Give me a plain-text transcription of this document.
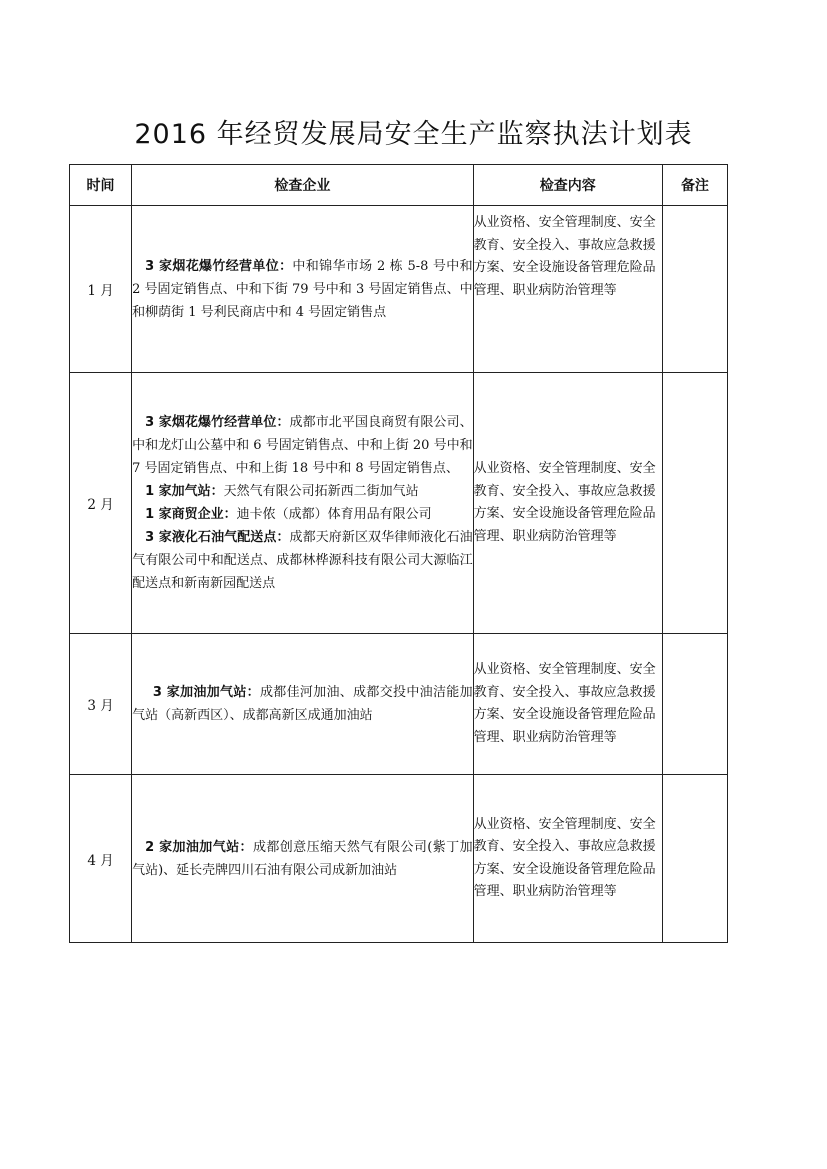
2016 年经贸发展局安全生产监察执法计划表
时间	检查企业	检查内容	备注
1 月	3 家烟花爆竹经营单位：中和锦华市场 2 栋 5-8 号中和 2 号固定销售点、中和下街 79 号中和 3 号固定销售点、中和柳荫街 1 号利民商店中和 4 号固定销售点	从业资格、安全管理制度、安全教育、安全投入、事故应急救援方案、安全设施设备管理危险品管理、职业病防治管理等	
2 月	3 家烟花爆竹经营单位：成都市北平国良商贸有限公司、中和龙灯山公墓中和 6 号固定销售点、中和上街 20 号中和 7 号固定销售点、中和上街 18 号中和 8 号固定销售点、
1 家加气站：天然气有限公司拓新西二街加气站
1 家商贸企业：迪卡侬（成都）体育用品有限公司
3 家液化石油气配送点：成都天府新区双华律师液化石油气有限公司中和配送点、成都林桦源科技有限公司大源临江配送点和新南新园配送点	从业资格、安全管理制度、安全教育、安全投入、事故应急救援方案、安全设施设备管理危险品管理、职业病防治管理等	
3 月	3 家加油加气站：成都佳河加油、成都交投中油洁能加气站（高新西区）、成都高新区成通加油站	从业资格、安全管理制度、安全教育、安全投入、事故应急救援方案、安全设施设备管理危险品管理、职业病防治管理等	
4 月	2 家加油加气站：成都创意压缩天然气有限公司(紫丁加气站)、延长壳牌四川石油有限公司成新加油站	从业资格、安全管理制度、安全教育、安全投入、事故应急救援方案、安全设施设备管理危险品管理、职业病防治管理等	
